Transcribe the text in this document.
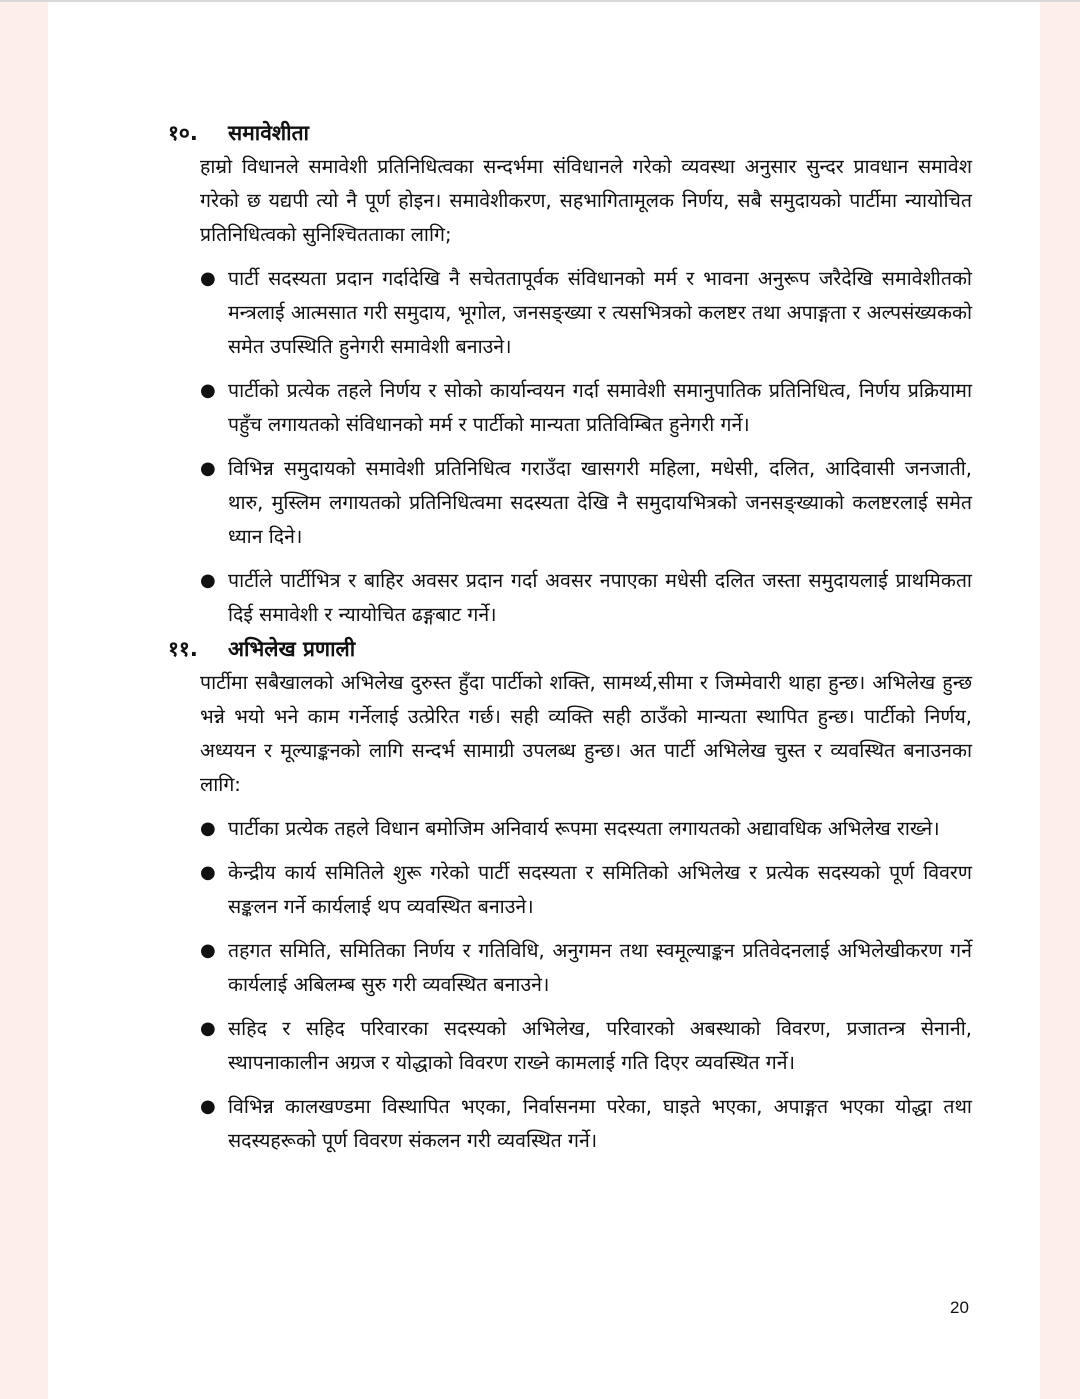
१०.	समावेशीता

हाम्रो विधानले समावेशी प्रतिनिधित्वका सन्दर्भमा संविधानले गरेको व्यवस्था अनुसार सुन्दर प्रावधान समावेश गरेको छ यद्यपी त्यो नै पूर्ण होइन। समावेशीकरण, सहभागितामूलक निर्णय, सबै समुदायको पार्टीमा न्यायोचित प्रतिनिधित्वको सुनिश्चितताका लागि;

● पार्टी सदस्यता प्रदान गर्दादेखि नै सचेततापूर्वक संविधानको मर्म र भावना अनुरूप जरैदेखि समावेशीतको मन्त्रलाई आत्मसात गरी समुदाय, भूगोल, जनसङ्ख्या र त्यसभित्रको कलष्टर तथा अपाङ्गता र अल्पसंख्यकको समेत उपस्थिति हुनेगरी समावेशी बनाउने।
● पार्टीको प्रत्येक तहले निर्णय र सोको कार्यान्वयन गर्दा समावेशी समानुपातिक प्रतिनिधित्व, निर्णय प्रक्रियामा पहुँच लगायतको संविधानको मर्म र पार्टीको मान्यता प्रतिविम्बित हुनेगरी गर्ने।
● विभिन्न समुदायको समावेशी प्रतिनिधित्व गराउँदा खासगरी महिला, मधेसी, दलित, आदिवासी जनजाती, थारु, मुस्लिम लगायतको प्रतिनिधित्वमा सदस्यता देखि नै समुदायभित्रको जनसङ्ख्याको कलष्टरलाई समेत ध्यान दिने।
● पार्टीले पार्टीभित्र र बाहिर अवसर प्रदान गर्दा अवसर नपाएका मधेसी दलित जस्ता समुदायलाई प्राथमिकता दिई समावेशी र न्यायोचित ढङ्गबाट गर्ने।
११.	अभिलेख प्रणाली

पार्टीमा सबैखालको अभिलेख दुरुस्त हुँदा पार्टीको शक्ति, सामर्थ्य,सीमा र जिम्मेवारी थाहा हुन्छ। अभिलेख हुन्छ भन्ने भयो भने काम गर्नेलाई उत्प्रेरित गर्छ। सही व्यक्ति सही ठाउँको मान्यता स्थापित हुन्छ। पार्टीको निर्णय, अध्ययन र मूल्याङ्कनको लागि सन्दर्भ सामाग्री उपलब्ध हुन्छ। अत पार्टी अभिलेख चुस्त र व्यवस्थित बनाउनका लागि:

● पार्टीका प्रत्येक तहले विधान बमोजिम अनिवार्य रूपमा सदस्यता लगायतको अद्यावधिक अभिलेख राख्ने।
● केन्द्रीय कार्य समितिले शुरू गरेको पार्टी सदस्यता र समितिको अभिलेख र प्रत्येक सदस्यको पूर्ण विवरण सङ्कलन गर्ने कार्यलाई थप व्यवस्थित बनाउने।
● तहगत समिति, समितिका निर्णय र गतिविधि, अनुगमन तथा स्वमूल्याङ्कन प्रतिवेदनलाई अभिलेखीकरण गर्ने कार्यलाई अबिलम्ब सुरु गरी व्यवस्थित बनाउने।
● सहिद र सहिद परिवारका सदस्यको अभिलेख, परिवारको अबस्थाको विवरण, प्रजातन्त्र सेनानी, स्थापनाकालीन अग्रज र योद्धाको विवरण राख्ने कामलाई गति दिएर व्यवस्थित गर्ने।
● विभिन्न कालखण्डमा विस्थापित भएका, निर्वासनमा परेका, घाइते भएका, अपाङ्गत भएका योद्धा तथा सदस्यहरूको पूर्ण विवरण संकलन गरी व्यवस्थित गर्ने।
20
